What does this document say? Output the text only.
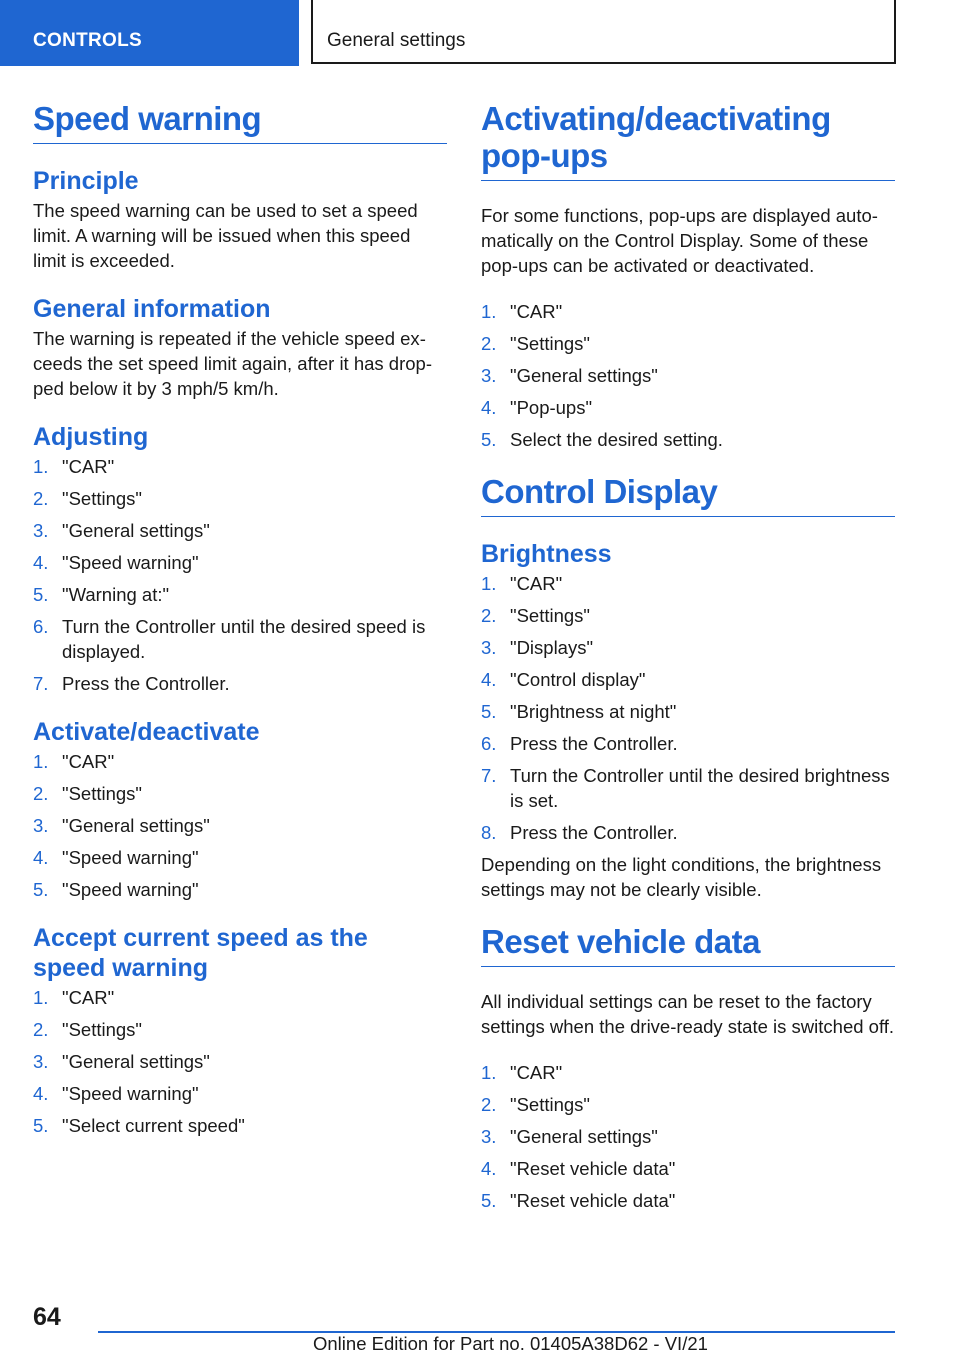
CONTROLS	General settings
Speed warning
Principle
The speed warning can be used to set a speed limit. A warning will be issued when this speed limit is exceeded.
General information
The warning is repeated if the vehicle speed exceeds the set speed limit again, after it has dropped below it by 3 mph/5 km/h.
Adjusting
1. "CAR"
2. "Settings"
3. "General settings"
4. "Speed warning"
5. "Warning at:"
6. Turn the Controller until the desired speed is displayed.
7. Press the Controller.
Activate/deactivate
1. "CAR"
2. "Settings"
3. "General settings"
4. "Speed warning"
5. "Speed warning"
Accept current speed as the speed warning
1. "CAR"
2. "Settings"
3. "General settings"
4. "Speed warning"
5. "Select current speed"
Activating/deactivating pop-ups
For some functions, pop-ups are displayed automatically on the Control Display. Some of these pop-ups can be activated or deactivated.
1. "CAR"
2. "Settings"
3. "General settings"
4. "Pop-ups"
5. Select the desired setting.
Control Display
Brightness
1. "CAR"
2. "Settings"
3. "Displays"
4. "Control display"
5. "Brightness at night"
6. Press the Controller.
7. Turn the Controller until the desired brightness is set.
8. Press the Controller.
Depending on the light conditions, the brightness settings may not be clearly visible.
Reset vehicle data
All individual settings can be reset to the factory settings when the drive-ready state is switched off.
1. "CAR"
2. "Settings"
3. "General settings"
4. "Reset vehicle data"
5. "Reset vehicle data"
64
Online Edition for Part no. 01405A38D62 - VI/21
